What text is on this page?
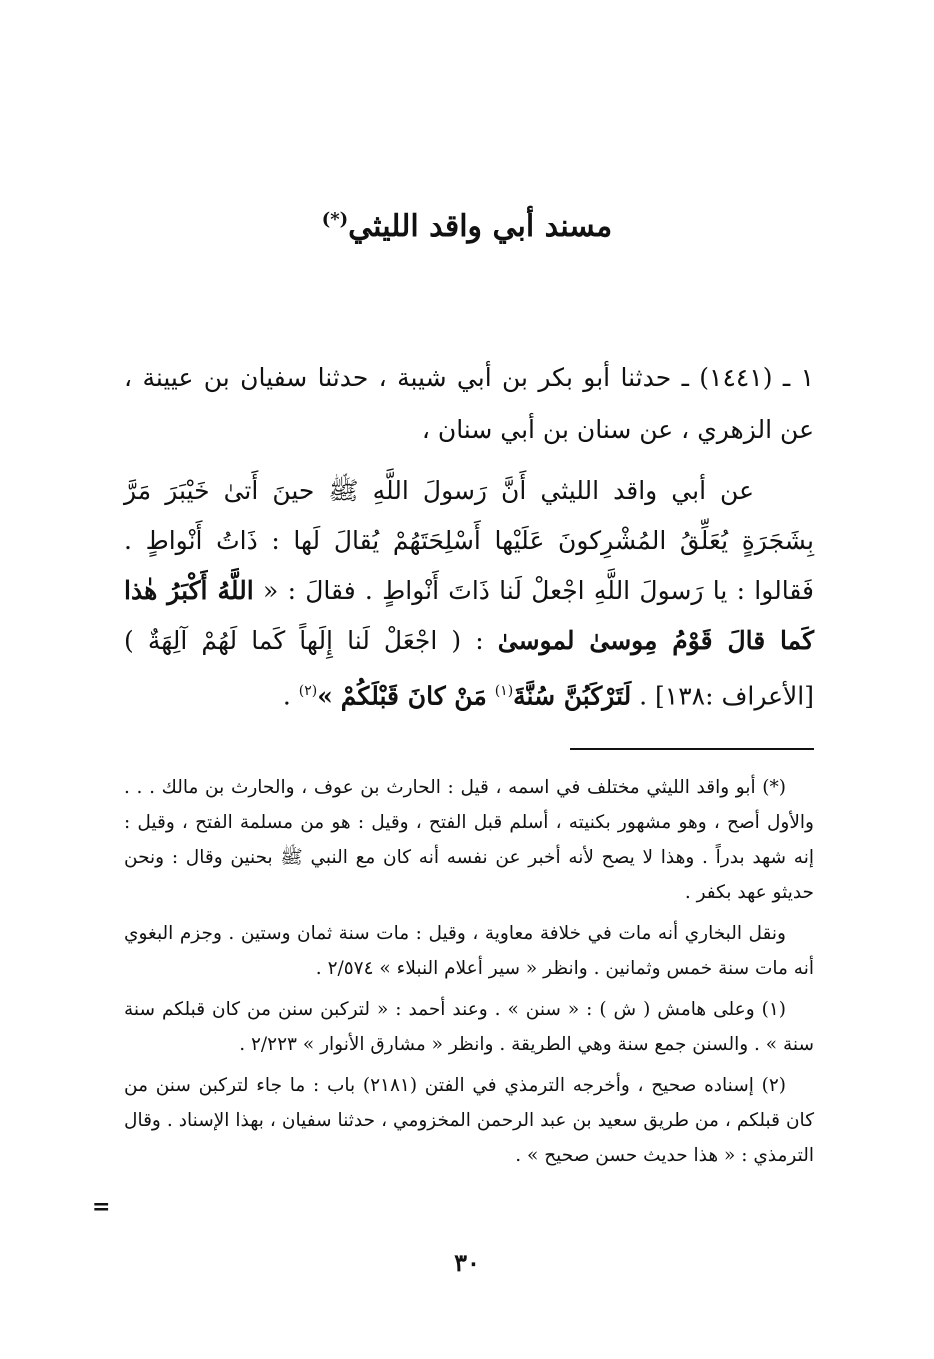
مسند أبي واقد الليثي(*)
١ ـ (١٤٤١) ـ حدثنا أبو بكر بن أبي شيبة ، حدثنا سفيان بن عيينة ، عن الزهري ، عن سنان بن أبي سنان ،
عن أبي واقد الليثي أَنَّ رَسولَ اللَّهِ ﷺ حينَ أَتىٰ خَيْبَرَ مَرَّ بِشَجَرَةٍ يُعَلِّقُ المُشْرِكونَ عَلَيْها أَسْلِحَتَهُمْ يُقالَ لَها : ذَاتُ أَنْواطٍ . فَقالوا : يا رَسولَ اللَّهِ اجْعلْ لَنا ذَاتَ أَنْواطٍ . فقالَ : « اللَّهُ أَكْبَرُ هٰذا كَما قالَ قَوْمُ مِوسىٰ لموسىٰ : ( اجْعَلْ لَنا إِلَهاً كَما لَهُمْ آلِهَةٌ ) [الأعراف :١٣٨] . لَتَرْكَبُنَّ سُنَّةَ$^{(١)}$ مَنْ كانَ قَبْلَكُمْ »$^{(٢)}$ .

(*) أبو واقد الليثي مختلف في اسمه ، قيل : الحارث بن عوف ، والحارث بن مالك . . . والأول أصح ، وهو مشهور بكنيته ، أسلم قبل الفتح ، وقيل : هو من مسلمة الفتح ، وقيل : إنه شهد بدراً . وهذا لا يصح لأنه أخبر عن نفسه أنه كان مع النبي ﷺ بحنين وقال : ونحن حديثو عهد بكفر .

ونقل البخاري أنه مات في خلافة معاوية ، وقيل : مات سنة ثمان وستين . وجزم البغوي أنه مات سنة خمس وثمانين . وانظر « سير أعلام النبلاء » ٢/٥٧٤ .

(١) وعلى هامش ( ش ) : « سنن » . وعند أحمد : « لتركبن سنن من كان قبلكم سنة سنة » . والسنن جمع سنة وهي الطريقة . وانظر « مشارق الأنوار » ٢/٢٢٣ .

(٢) إسناده صحيح ، وأخرجه الترمذي في الفتن (٢١٨١) باب : ما جاء لتركبن سنن من كان قبلكم ، من طريق سعيد بن عبد الرحمن المخزومي ، حدثنا سفيان ، بهذا الإسناد . وقال الترمذي : « هذا حديث حسن صحيح » .

=
٣٠
